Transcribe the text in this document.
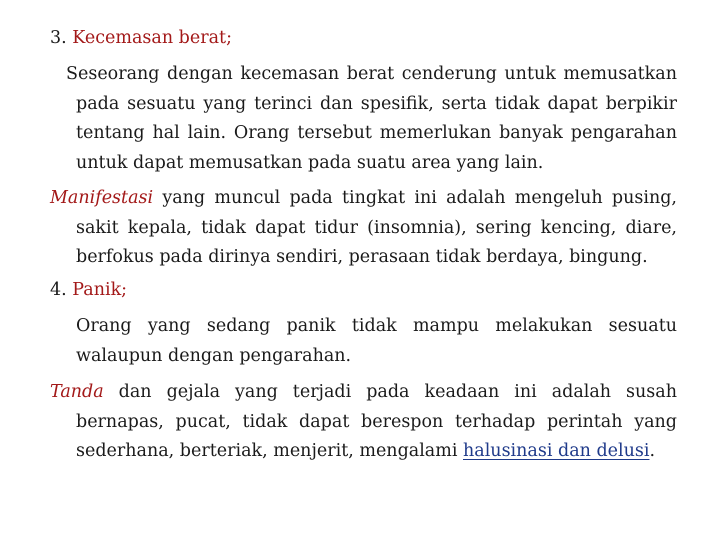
3. Kecemasan berat;

Seseorang dengan kecemasan berat cenderung untuk memusatkan pada sesuatu yang terinci dan spesifik, serta tidak dapat berpikir tentang hal lain. Orang tersebut memerlukan banyak pengarahan untuk dapat memusatkan pada suatu area yang lain.

Manifestasi yang muncul pada tingkat ini adalah mengeluh pusing, sakit kepala, tidak dapat tidur (insomnia), sering kencing, diare, berfokus pada dirinya sendiri, perasaan tidak berdaya, bingung.

4. Panik;

Orang yang sedang panik tidak mampu melakukan sesuatu walaupun dengan pengarahan.

Tanda dan gejala yang terjadi pada keadaan ini adalah susah bernapas, pucat, tidak dapat berespon terhadap perintah yang sederhana, berteriak, menjerit, mengalami halusinasi dan delusi.
